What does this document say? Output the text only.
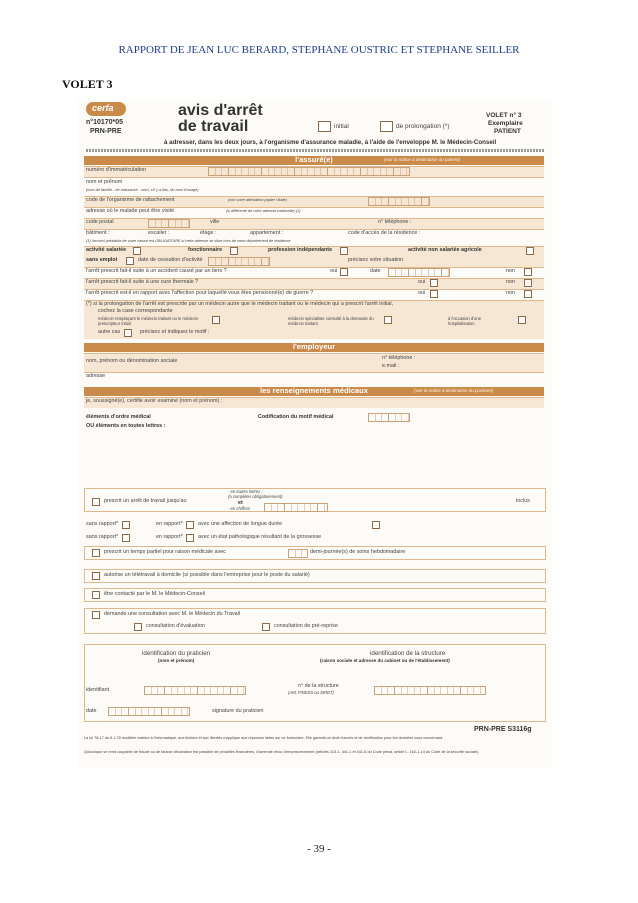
RAPPORT DE JEAN LUC BERARD, STEPHANE OUSTRIC ET STEPHANE SEILLER
VOLET 3
cerfa
n°10170*05
PRN-PRE
avis d'arrêt
de travail	initial	de prolongation (*)
VOLET n° 3
Exemplaire
PATIENT
à adresser, dans les deux jours, à l'organisme d'assurance maladie, à l'aide de l'enveloppe M. le Médecin-Conseil
l'assuré(e)	(voir la notice à destination du patient)
numéro d'immatriculation
nom et prénom
(nom de famille - de naissance - suivi, s'il y a lieu, du nom d'usage)
code de l'organisme de rattachement	(voir votre attestation papier Vitale)
adresse où le malade peut être visité	(si différente de votre adresse habituelle) (1) :
code postal	ville	n° téléphone :
bâtiment :	escalier :	étage :	appartement :	code d'accès de la résidence :
(1) l'accord préalable de votre caisse est OBLIGATOIRE si cette adresse se situe hors de votre département de résidence
activité salariée	fonctionnaire	profession indépendante	activité non salariée agricole
sans emploi	date de cessation d'activité	précisez votre situation
l'arrêt prescrit fait-il suite à un accident causé par un tiers ?	oui	date	non
l'arrêt prescrit fait-il suite à une cure thermale ?	oui	non
l'arrêt prescrit est-il en rapport avec l'affection pour laquelle vous êtes pensionné(e) de guerre ?	oui	non
(*) si la prolongation de l'arrêt est prescrite par un médecin autre que le médecin traitant ou le médecin qui a prescrit l'arrêt initial,
cochez la case correspondante
médecin remplaçant le médecin traitant ou le médecin prescripteur initial
médecin spécialiste consulté à la demande du médecin traitant
à l'occasion d'une hospitalisation
autre cas	précisez et indiquez le motif :
l'employeur
nom, prénom ou dénomination sociale	n° téléphone :
e.mail :
adresse
les renseignements médicaux	(voir la notice à destination du praticien)
je, soussigné(e), certifie avoir examiné (nom et prénom) :
éléments d'ordre médical	Codification du motif médical
OU éléments en toutes lettres :
prescrit un arrêt de travail jusqu'au
- en toutes lettres :
(à compléter obligatoirement)
et
- en chiffres
inclus
sans rapport*	en rapport*	avec une affection de longue durée
sans rapport*	en rapport*	avec un état pathologique résultant de la grossesse
prescrit un temps partiel pour raison médicale avec	demi-journée(s) de soins hebdomadaire
autorise un télétravail à domicile (si possible dans l'entreprise pour le poste du salarié)
être contacté par le M. le Médecin-Conseil
demande une consultation avec M. le Médecin du Travail
consultation d'évaluation	consultation de pré-reprise
identification du praticien
(nom et prénom)
identification de la structure
(raison sociale et adresse du cabinet ou de l'établissement)
identifiant
n° de la structure
(AM, FINESS ou SIRET)
date	signature du praticien
PRN-PRE S3116g
La loi 78-17 du 6.1.78 modifiée relative à l'informatique, aux fichiers et aux libertés s'applique aux réponses faites sur ce formulaire. Elle garantit un droit d'accès et de rectification pour les données vous concernant.
Quiconque se rend coupable de fraude ou de fausse déclaration est passible de pénalités financières, d'amende et/ou d'emprisonnement (articles 313-1, 441-1 et 441-6 du Code pénal, article L. 162-1-14 du Code de la sécurité sociale).
- 39 -
